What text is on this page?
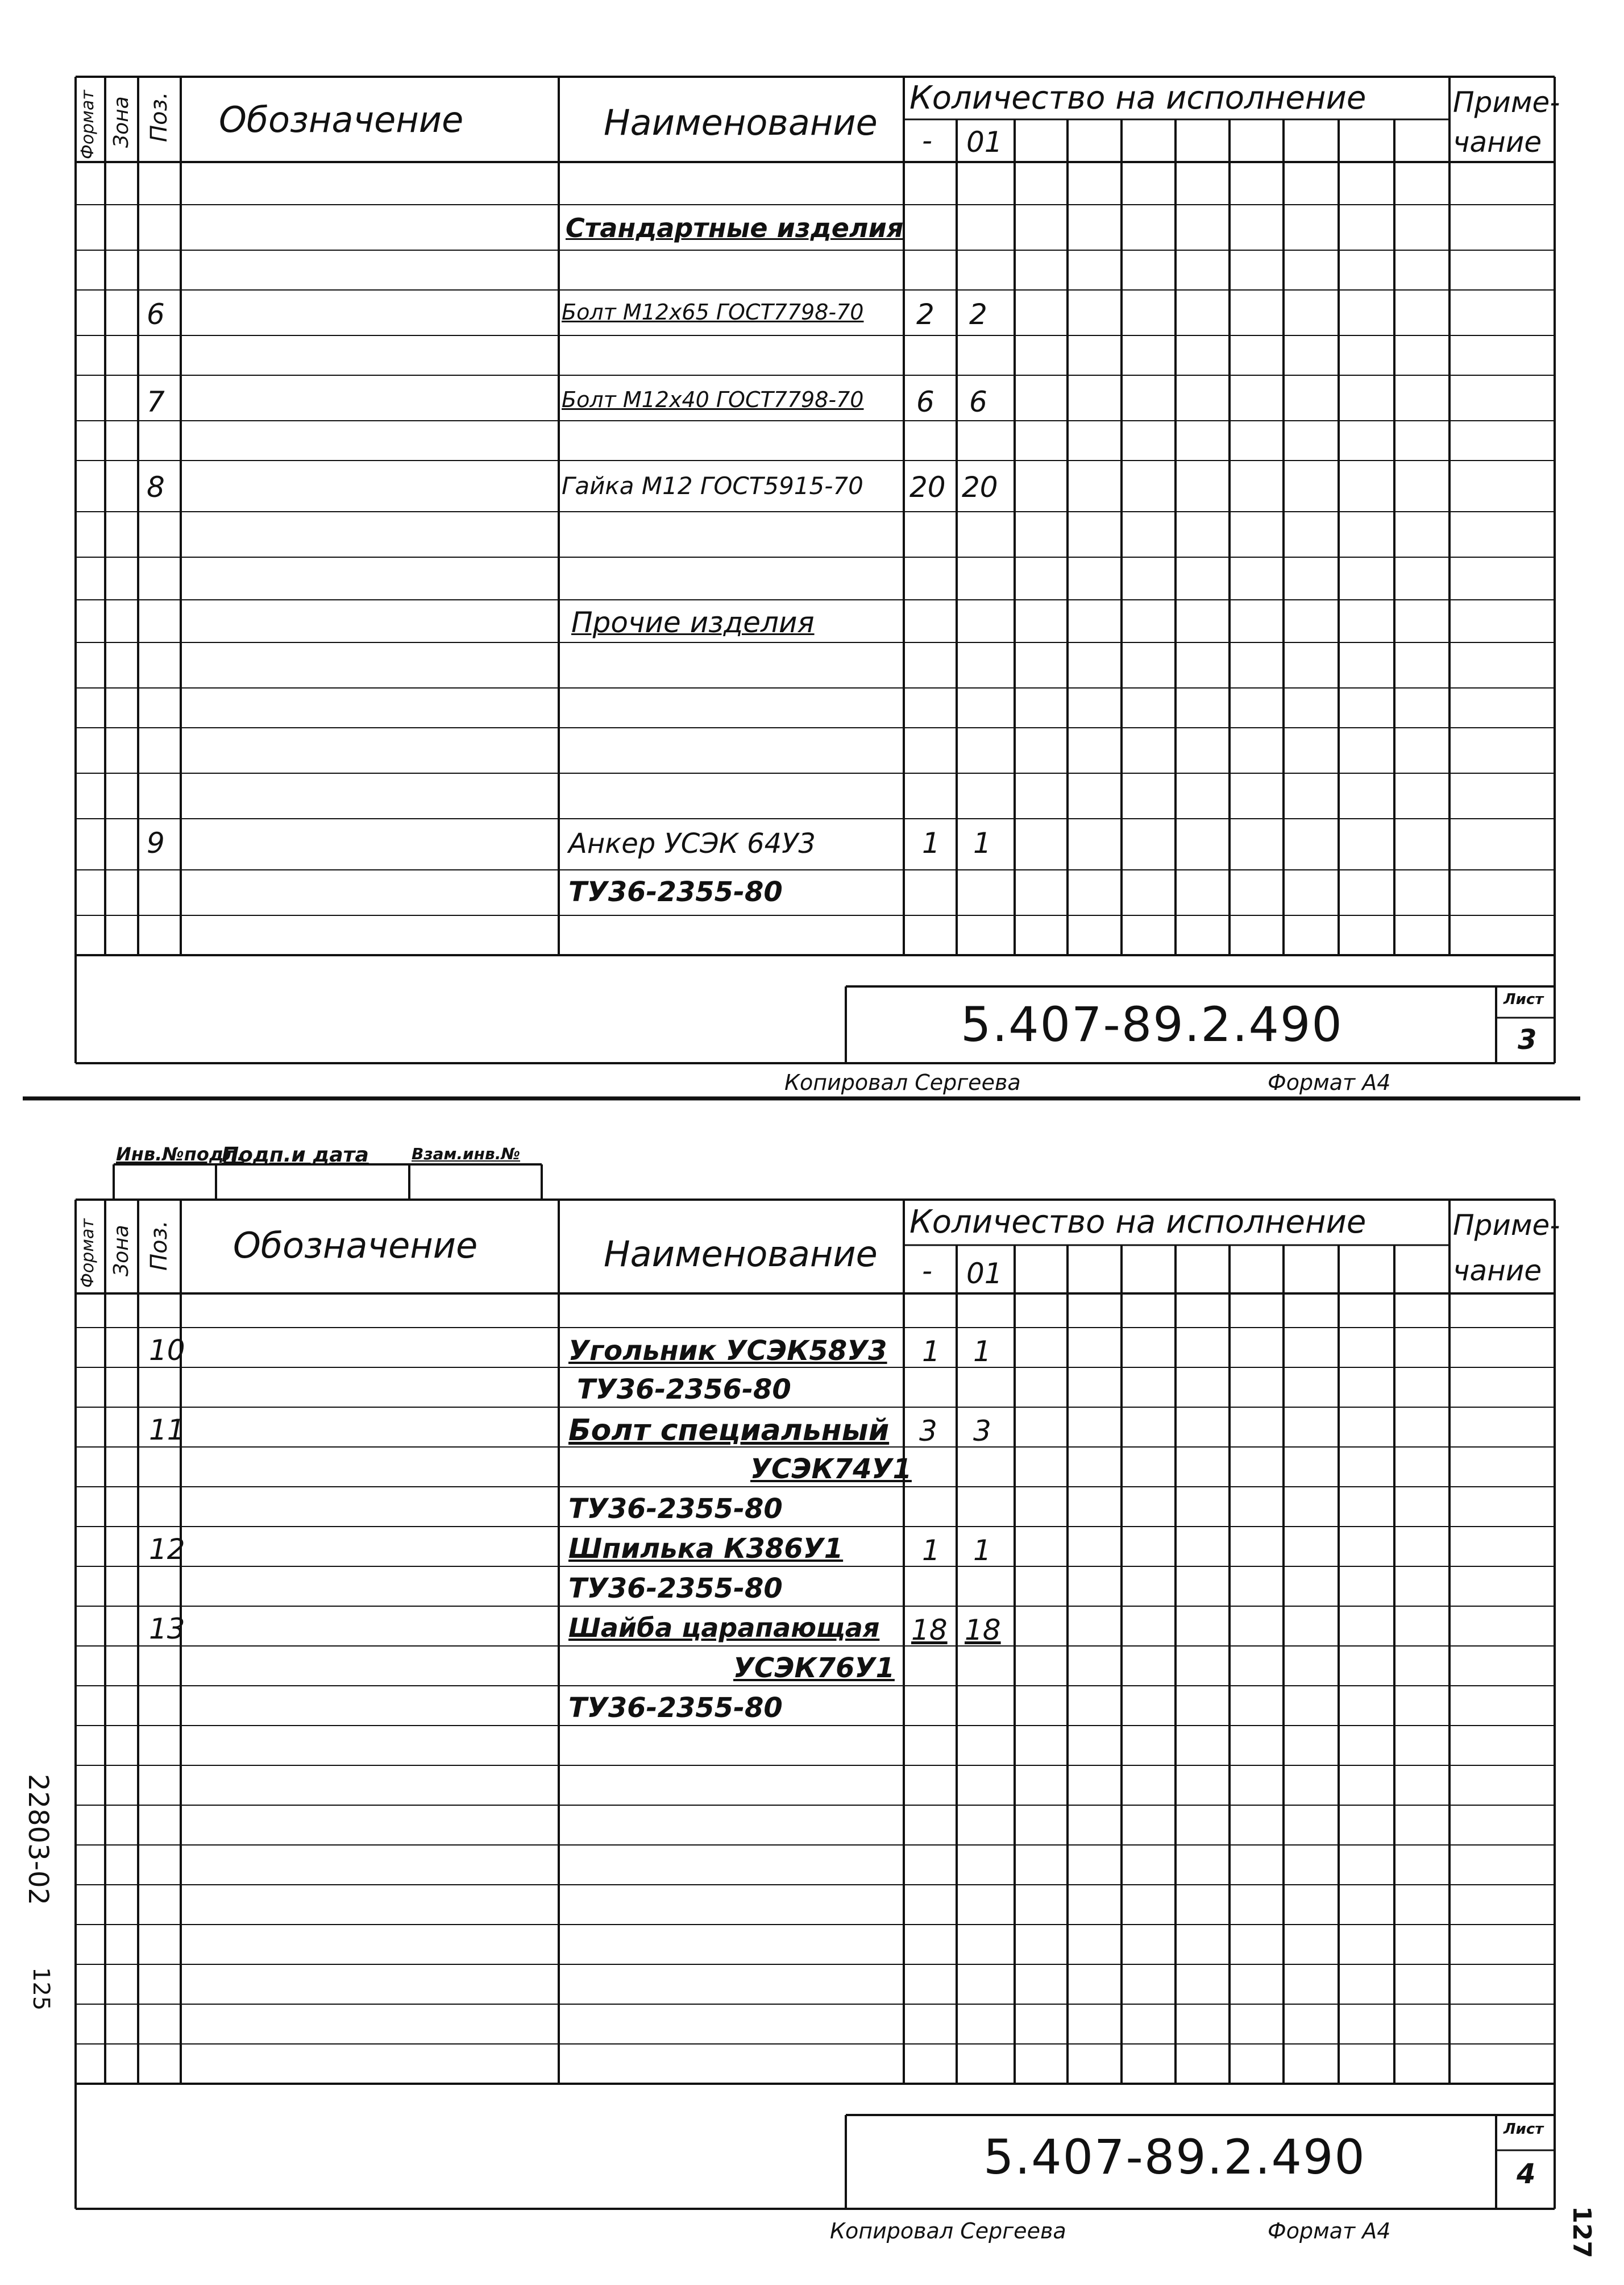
Формат Зона Поз. Обозначение	Наименование
Количество на исполнение
- 01
Приме-
чание
Стандартные изделия
6	Болт М12х65 ГОСТ7798-70 2 2
7	Болт М12х40 ГОСТ7798-70 6 6
8	Гайка М12 ГОСТ5915-70 20 20
Прочие изделия
9	Анкер УСЭК 64У3	1 1
ТУ36-2355-80
5.407-89.2.490	Лист
3
Копировал Сергеева	Формат А4
Инв.№подл.
Подп.и дата	Взам.инв.№
Формат Зона Поз. Обозначение	Наименование
Количество на исполнение
- 01
Приме-
чание
10	Угольник УСЭК58У3 1 1
ТУ36-2356-80
11	Болт специальный 3 3
УСЭК74У1
ТУ36-2355-80
12	Шпилька К386У1	1 1
ТУ36-2355-80
13	Шайба царапающая 18 18
УСЭК76У1
ТУ36-2355-80
5.407-89.2.490	Лист
4
Копировал Сергеева	Формат А4
22803-02
125
127
